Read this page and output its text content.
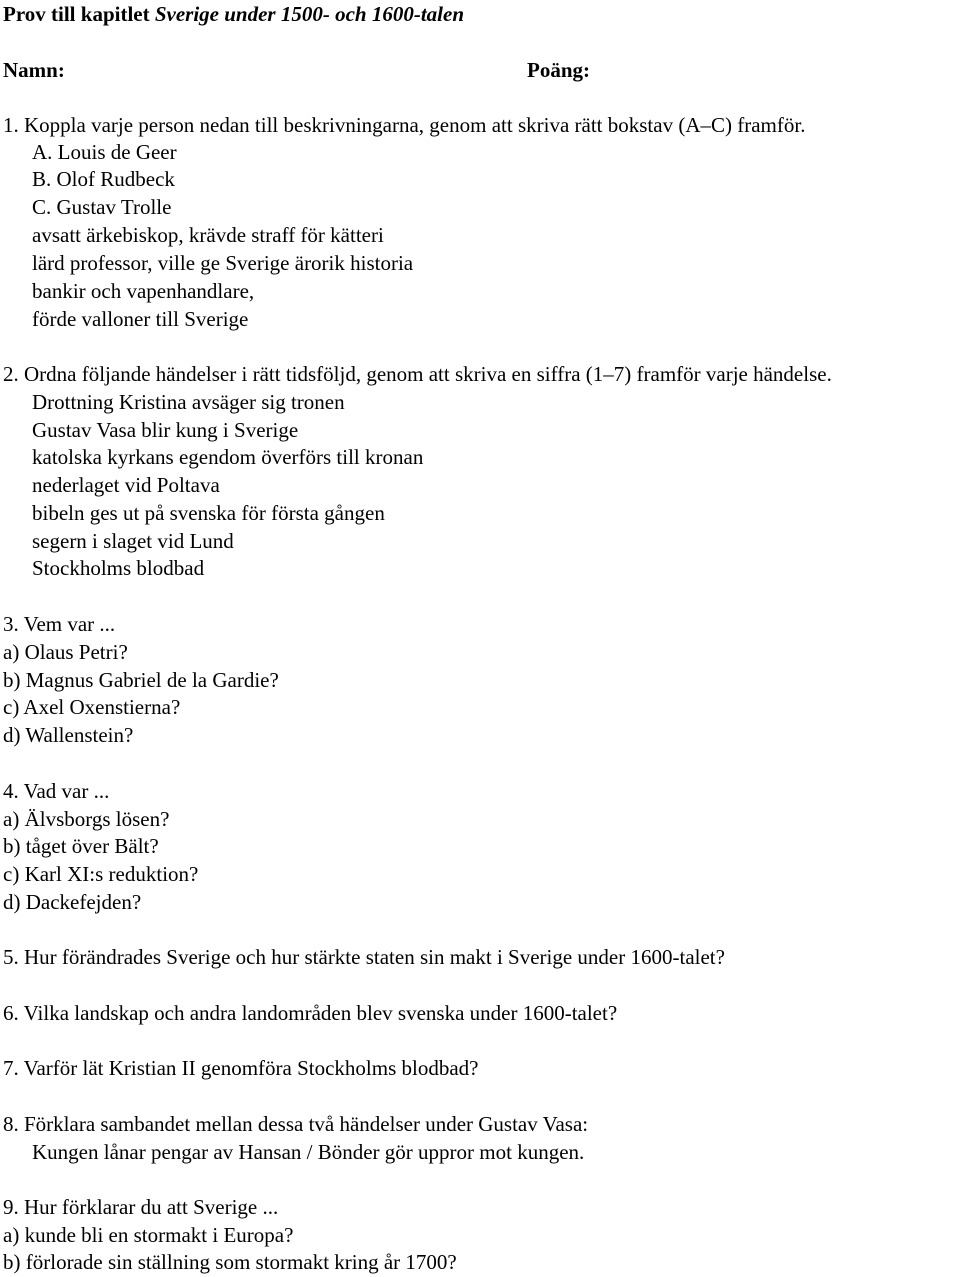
Prov till kapitlet Sverige under 1500- och 1600-talen
Namn:	Poäng:
1. Koppla varje person nedan till beskrivningarna, genom att skriva rätt bokstav (A–C) framför.
A. Louis de Geer
B. Olof Rudbeck
C. Gustav Trolle
avsatt ärkebiskop, krävde straff för kätteri
lärd professor, ville ge Sverige ärorik historia
bankir och vapenhandlare,
förde valloner till Sverige
2. Ordna följande händelser i rätt tidsföljd, genom att skriva en siffra (1–7) framför varje händelse.
Drottning Kristina avsäger sig tronen
Gustav Vasa blir kung i Sverige
katolska kyrkans egendom överförs till kronan
nederlaget vid Poltava
bibeln ges ut på svenska för första gången
segern i slaget vid Lund
Stockholms blodbad
3. Vem var ...
a) Olaus Petri?
b) Magnus Gabriel de la Gardie?
c) Axel Oxenstierna?
d) Wallenstein?
4. Vad var ...
a) Älvsborgs lösen?
b) tåget över Bält?
c) Karl XI:s reduktion?
d) Dackefejden?
5. Hur förändrades Sverige och hur stärkte staten sin makt i Sverige under 1600-talet?
6. Vilka landskap och andra landområden blev svenska under 1600-talet?
7. Varför lät Kristian II genomföra Stockholms blodbad?
8. Förklara sambandet mellan dessa två händelser under Gustav Vasa:
Kungen lånar pengar av Hansan / Bönder gör uppror mot kungen.
9. Hur förklarar du att Sverige ...
a) kunde bli en stormakt i Europa?
b) förlorade sin ställning som stormakt kring år 1700?
